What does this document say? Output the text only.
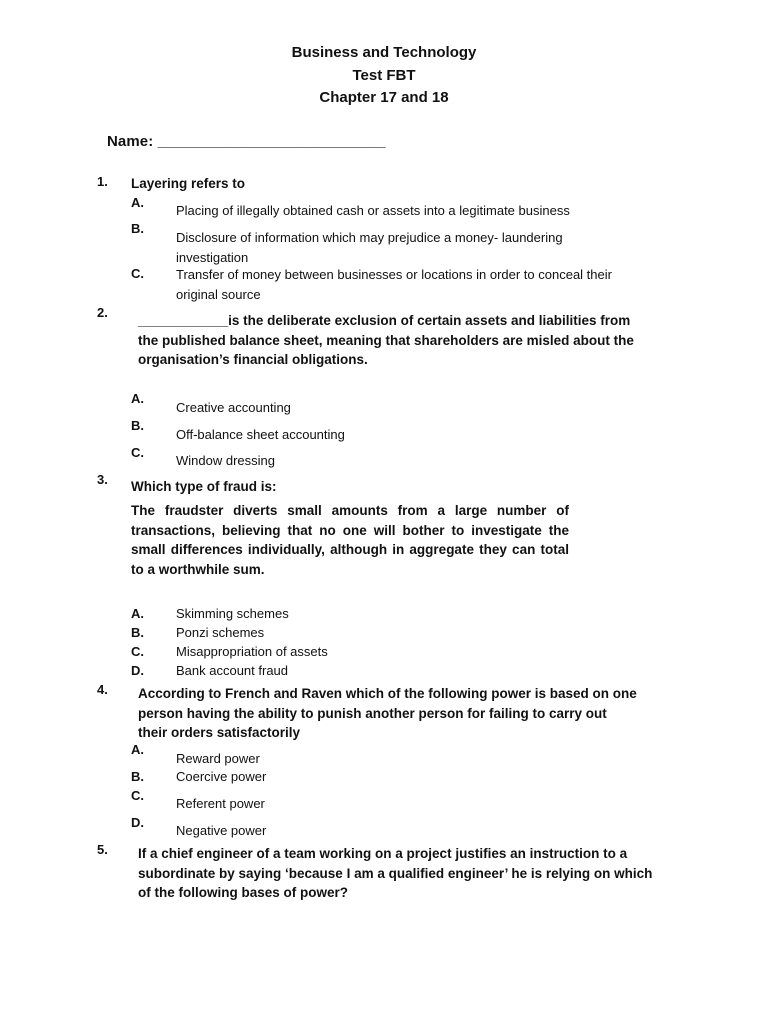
Business and Technology
Test FBT
Chapter 17 and 18
Name: ___________________________
1. Layering refers to
A.
Placing of illegally obtained cash or assets into a legitimate business
B.
Disclosure of information which may prejudice a money- laundering investigation
C. Transfer of money between businesses or locations in order to conceal their original source
2.
____________is the deliberate exclusion of certain assets and liabilities from the published balance sheet, meaning that shareholders are misled about the organisation’s financial obligations.
A.
Creative accounting
B.
Off-balance sheet accounting
C.
Window dressing
3. Which type of fraud is:
The fraudster diverts small amounts from a large number of transactions, believing that no one will bother to investigate the small differences individually, although in aggregate they can total to a worthwhile sum.
A. Skimming schemes
B. Ponzi schemes
C. Misappropriation of assets
D. Bank account fraud
4. According to French and Raven which of the following power is based on one person having the ability to punish another person for failing to carry out their orders satisfactorily
A.
Reward power
B. Coercive power
C.
Referent power
D.
Negative power
5. If a chief engineer of a team working on a project justifies an instruction to a subordinate by saying ‘because I am a qualified engineer’ he is relying on which of the following bases of power?
